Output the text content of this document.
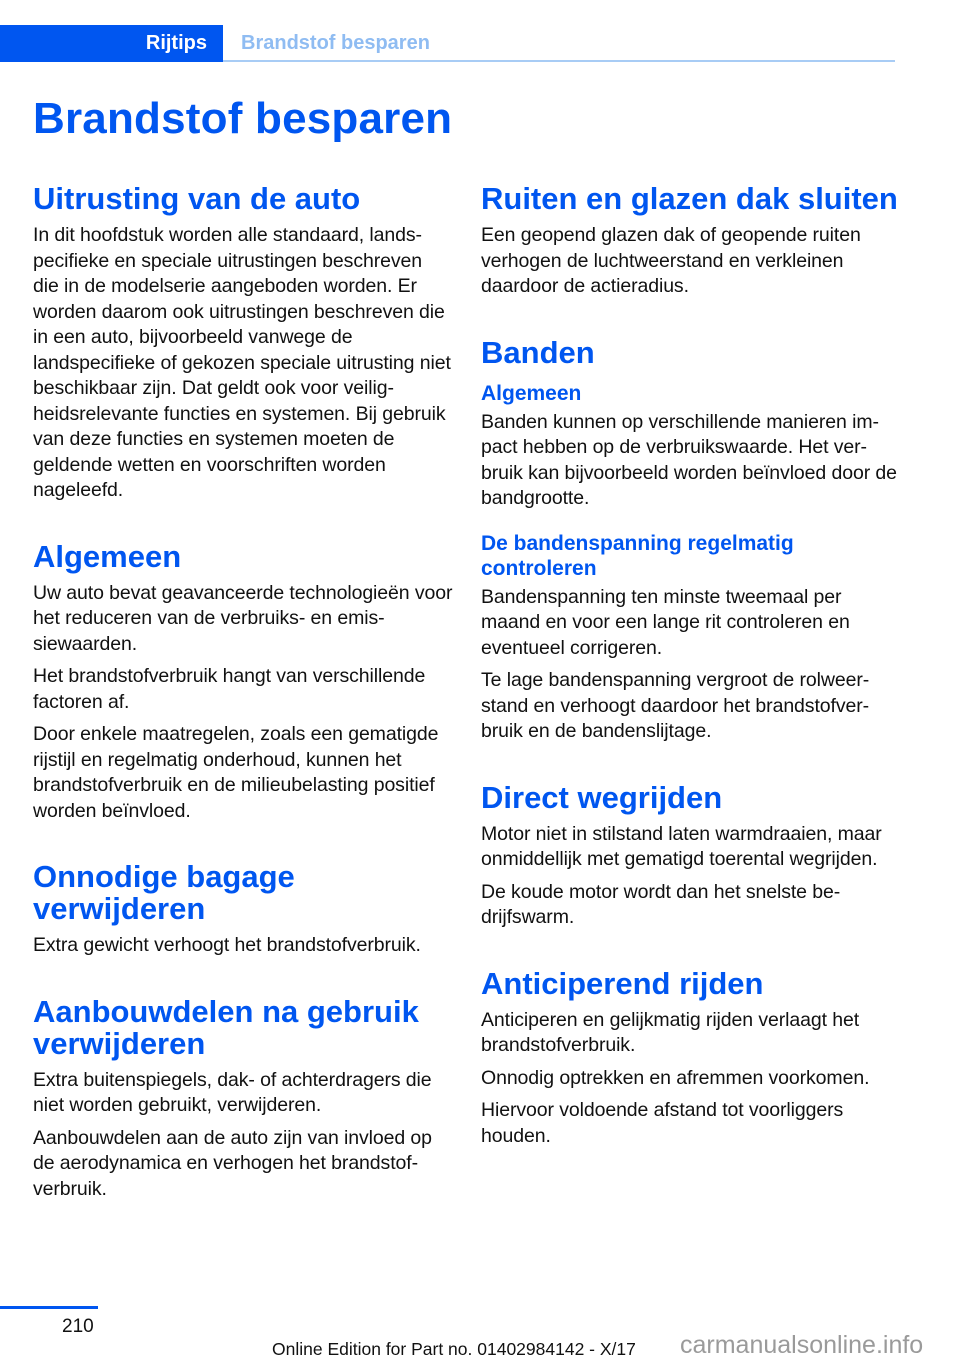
Rijtips	Brandstof besparen
Brandstof besparen
Uitrusting van de auto

In dit hoofdstuk worden alle standaard, landspecifieke en speciale uitrustingen beschreven die in de modelserie aangeboden worden. Er worden daarom ook uitrustingen beschreven die in een auto, bijvoorbeeld vanwege de landspecifieke of gekozen speciale uitrusting niet beschikbaar zijn. Dat geldt ook voor veiligheidsrelevante functies en systemen. Bij gebruik van deze functies en systemen moeten de geldende wetten en voorschriften worden nageleefd.

Algemeen

Uw auto bevat geavanceerde technologieën voor het reduceren van de verbruiks- en emissiewaarden.

Het brandstofverbruik hangt van verschillende factoren af.

Door enkele maatregelen, zoals een gematigde rijstijl en regelmatig onderhoud, kunnen het brandstofverbruik en de milieubelasting positief worden beïnvloed.

Onnodige bagage verwijderen

Extra gewicht verhoogt het brandstofverbruik.

Aanbouwdelen na gebruik verwijderen

Extra buitenspiegels, dak- of achterdragers die niet worden gebruikt, verwijderen.

Aanbouwdelen aan de auto zijn van invloed op de aerodynamica en verhogen het brandstofverbruik.

Ruiten en glazen dak sluiten

Een geopend glazen dak of geopende ruiten verhogen de luchtweerstand en verkleinen daardoor de actieradius.

Banden
Algemeen

Banden kunnen op verschillende manieren impact hebben op de verbruikswaarde. Het verbruik kan bijvoorbeeld worden beïnvloed door de bandgrootte.

De bandenspanning regelmatig controleren

Bandenspanning ten minste tweemaal per maand en voor een lange rit controleren en eventueel corrigeren.

Te lage bandenspanning vergroot de rolweerstand en verhoogt daardoor het brandstofverbruik en de bandenslijtage.

Direct wegrijden

Motor niet in stilstand laten warmdraaien, maar onmiddellijk met gematigd toerental wegrijden.

De koude motor wordt dan het snelste bedrijfswarm.

Anticiperend rijden

Anticiperen en gelijkmatig rijden verlaagt het brandstofverbruik.

Onnodig optrekken en afremmen voorkomen.

Hiervoor voldoende afstand tot voorliggers houden.

210
Online Edition for Part no. 01402984142 - X/17 carmanualsonline.info
